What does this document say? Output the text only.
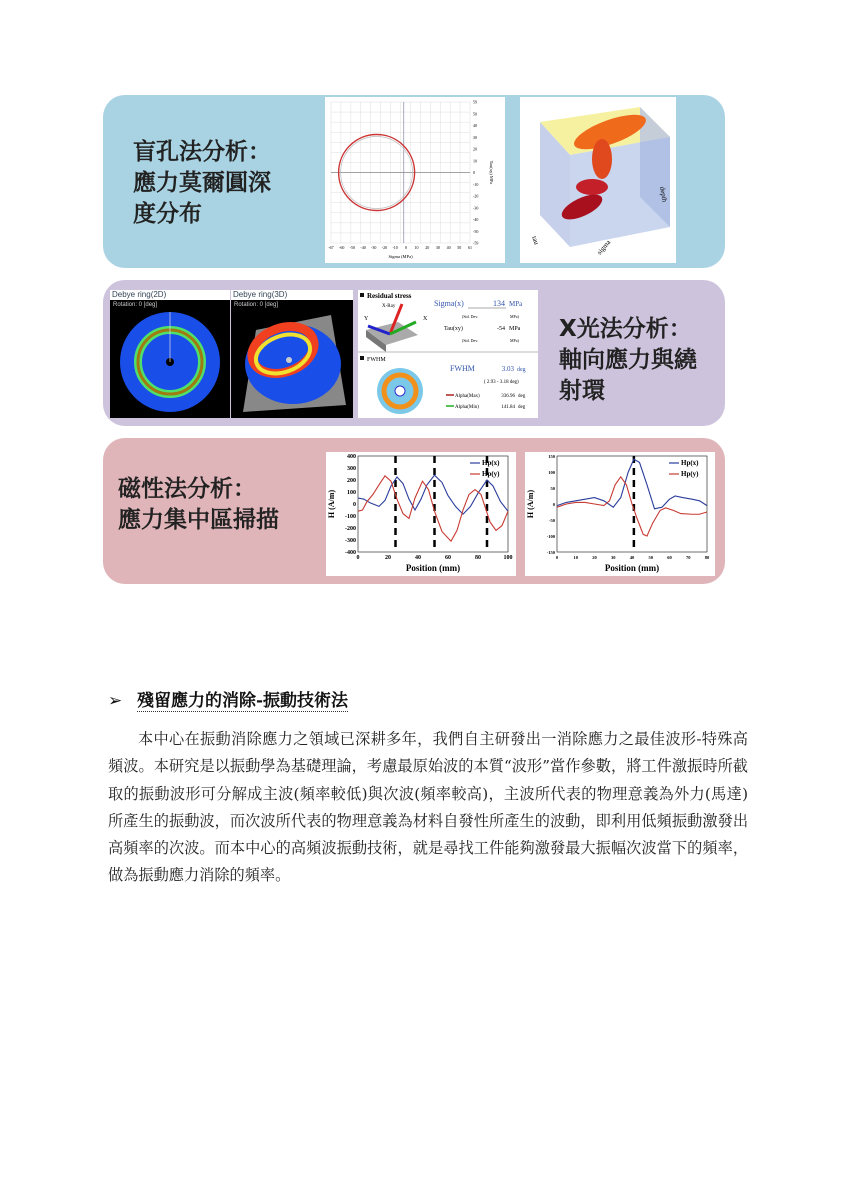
盲孔法分析：
應力莫爾圓深
度分布
-67 -60 -50 -40 -30 -20 -10 0 10 20 30 40 50 61
59
50
40
30
20
10
0
-10
-20
-30
-40
-50
-59
Sigma (MPa)
Tau(xy) MPa
tau	sigma
depth
Debye ring(2D)
Rotation: 0 [deg]
Debye ring(3D)
Rotation: 0 [deg]
Residual stress
X-Ray
X
Y
Sigma(x)	134 MPa
(Std. Dev.	MPa)
Tau(xy)	-54 MPa
(Std. Dev.	MPa)
FWHM
FWHM	3.03 deg
( 2.93 - 3.18 deg)
Alpha(Max)	336.96 deg
Alpha(Min)	141.84 deg
X光法分析：
軸向應力與繞
射環
磁性法分析：
應力集中區掃描
400
300
200
100
0
-100
-200
-300
-400
0	20	40	60	80	100
Position (mm)
H (A/m)
Hp(x)
Hp(y)
150
100
50
0
-50
-100
-150
0	10	20	30	40	50	60	70	80
Position (mm)
H (A/m)
Hp(x)
Hp(y)
➢ 殘留應力的消除-振動技術法

本中心在振動消除應力之領域已深耕多年，我們自主研發出一消除應力之最佳波形-特殊高頻波。本研究是以振動學為基礎理論，考慮最原始波的本質“波形”當作參數，將工件激振時所截取的振動波形可分解成主波(頻率較低)與次波(頻率較高)，主波所代表的物理意義為外力(馬達)所產生的振動波，而次波所代表的物理意義為材料自發性所產生的波動，即利用低頻振動激發出高頻率的次波。而本中心的高頻波振動技術，就是尋找工件能夠激發最大振幅次波當下的頻率，做為振動應力消除的頻率。
